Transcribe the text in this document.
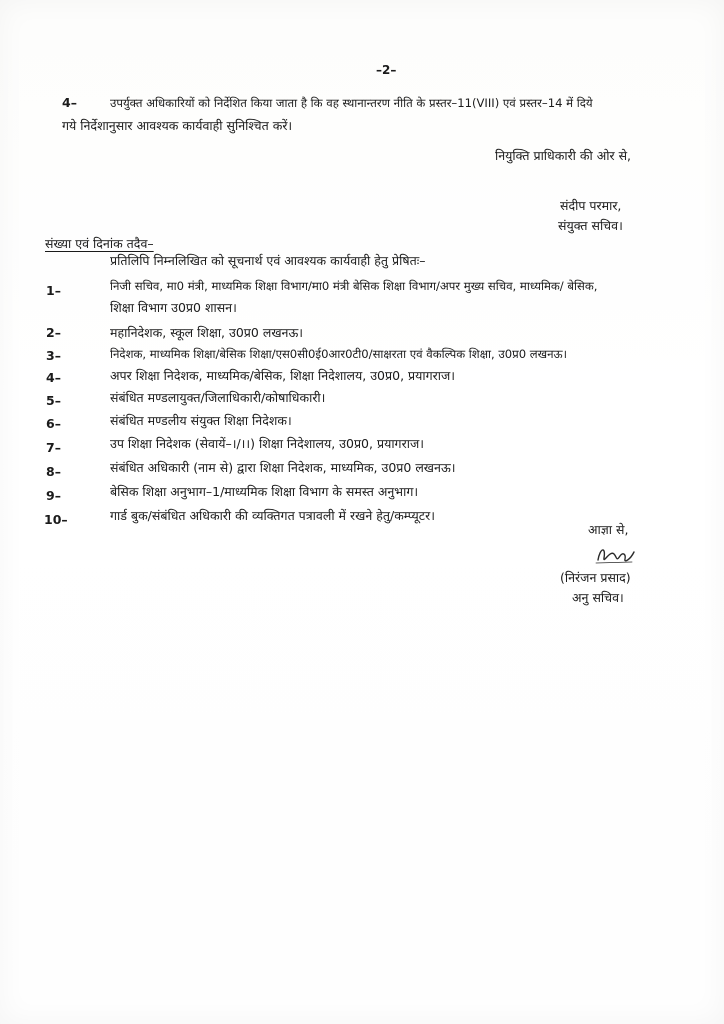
–2–
4–	उपर्युक्त अधिकारियों को निर्देशित किया जाता है कि वह स्थानान्तरण नीति के प्रस्तर–11(VIII) एवं प्रस्तर–14 में दिये
गये निर्देशानुसार आवश्यक कार्यवाही सुनिश्चित करें।
नियुक्ति प्राधिकारी की ओर से,
संदीप परमार,
संयुक्त सचिव।
संख्या एवं दिनांक तदैव–
प्रतिलिपि निम्नलिखित को सूचनार्थ एवं आवश्यक कार्यवाही हेतु प्रेषितः–
1–	निजी सचिव, मा0 मंत्री, माध्यमिक शिक्षा विभाग/मा0 मंत्री बेसिक शिक्षा विभाग/अपर मुख्य सचिव, माध्यमिक/ बेसिक,
शिक्षा विभाग उ0प्र0 शासन।
2–	महानिदेशक, स्कूल शिक्षा, उ0प्र0 लखनऊ।
3–	निदेशक, माध्यमिक शिक्षा/बेसिक शिक्षा/एस0सी0ई0आर0टी0/साक्षरता एवं वैकल्पिक शिक्षा, उ0प्र0 लखनऊ।
4–	अपर शिक्षा निदेशक, माध्यमिक/बेसिक, शिक्षा निदेशालय, उ0प्र0, प्रयागराज।
5–	संबंधित मण्डलायुक्त/जिलाधिकारी/कोषाधिकारी।
6–	संबंधित मण्डलीय संयुक्त शिक्षा निदेशक।
7–	उप शिक्षा निदेशक (सेवायें–।/।।) शिक्षा निदेशालय, उ0प्र0, प्रयागराज।
8–	संबंधित अधिकारी (नाम से) द्वारा शिक्षा निदेशक, माध्यमिक, उ0प्र0 लखनऊ।
9–	बेसिक शिक्षा अनुभाग–1/माध्यमिक शिक्षा विभाग के समस्त अनुभाग।
10–	गार्ड बुक/संबंधित अधिकारी की व्यक्तिगत पत्रावली में रखने हेतु/कम्प्यूटर।
आज्ञा से,
(निरंजन प्रसाद)
अनु सचिव।
